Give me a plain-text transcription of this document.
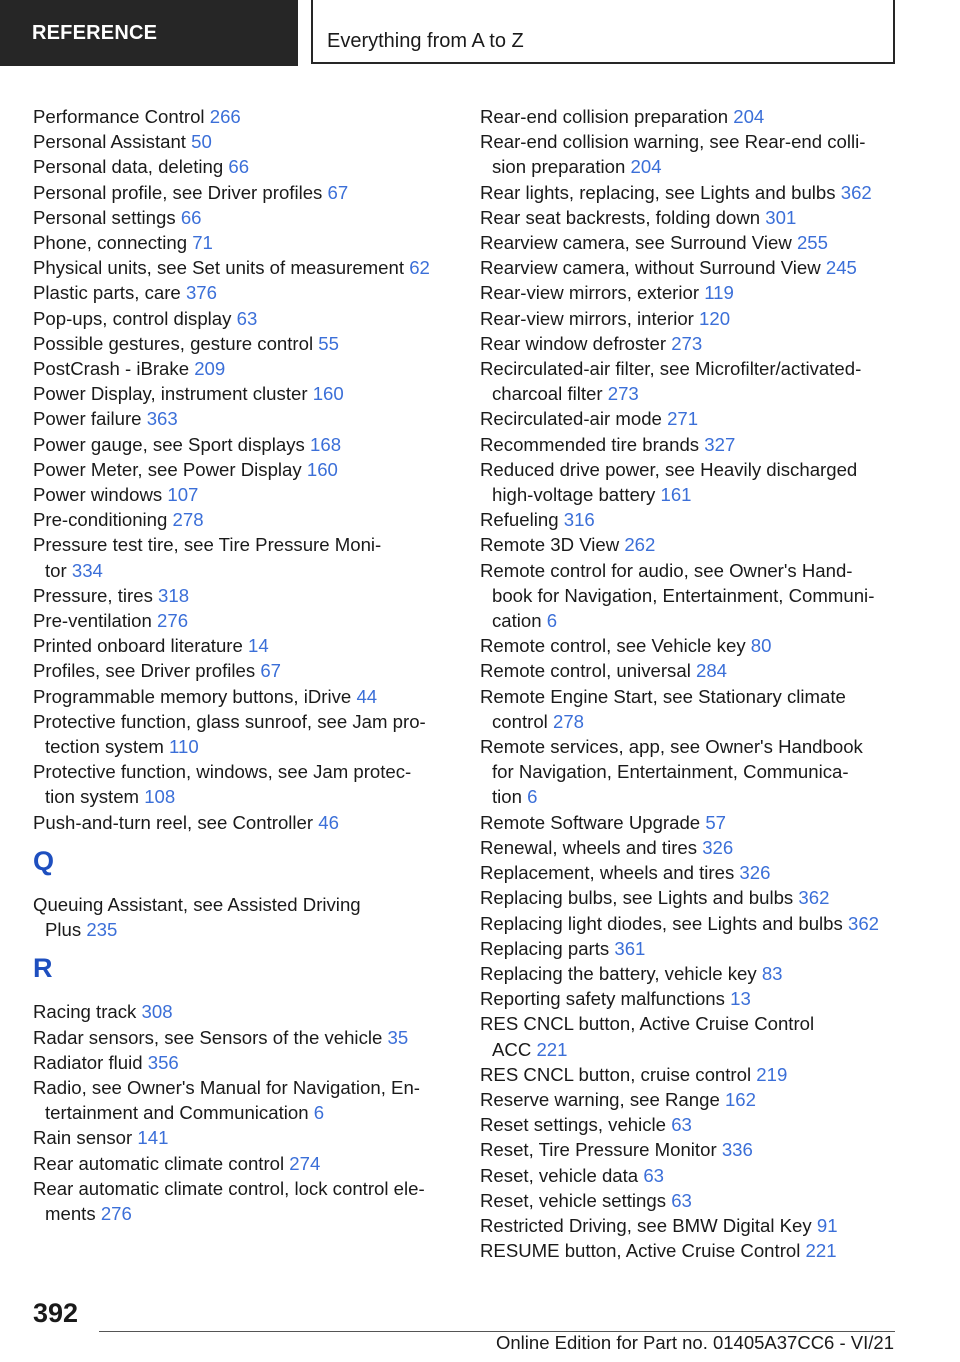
REFERENCE	Everything from A to Z
Performance Control 266
Personal Assistant 50
Personal data, deleting 66
Personal profile, see Driver profiles 67
Personal settings 66
Phone, connecting 71
Physical units, see Set units of measurement 62
Plastic parts, care 376
Pop-ups, control display 63
Possible gestures, gesture control 55
PostCrash - iBrake 209
Power Display, instrument cluster 160
Power failure 363
Power gauge, see Sport displays 168
Power Meter, see Power Display 160
Power windows 107
Pre-conditioning 278
Pressure test tire, see Tire Pressure Moni-
tor 334
Pressure, tires 318
Pre-ventilation 276
Printed onboard literature 14
Profiles, see Driver profiles 67
Programmable memory buttons, iDrive 44
Protective function, glass sunroof, see Jam pro-
tection system 110
Protective function, windows, see Jam protec-
tion system 108
Push-and-turn reel, see Controller 46
Q
Queuing Assistant, see Assisted Driving
Plus 235
R
Racing track 308
Radar sensors, see Sensors of the vehicle 35
Radiator fluid 356
Radio, see Owner's Manual for Navigation, En-
tertainment and Communication 6
Rain sensor 141
Rear automatic climate control 274
Rear automatic climate control, lock control ele-
ments 276
Rear-end collision preparation 204
Rear-end collision warning, see Rear-end colli-
sion preparation 204
Rear lights, replacing, see Lights and bulbs 362
Rear seat backrests, folding down 301
Rearview camera, see Surround View 255
Rearview camera, without Surround View 245
Rear-view mirrors, exterior 119
Rear-view mirrors, interior 120
Rear window defroster 273
Recirculated-air filter, see Microfilter/activated-
charcoal filter 273
Recirculated-air mode 271
Recommended tire brands 327
Reduced drive power, see Heavily discharged
high-voltage battery 161
Refueling 316
Remote 3D View 262
Remote control for audio, see Owner's Hand-
book for Navigation, Entertainment, Communi-
cation 6
Remote control, see Vehicle key 80
Remote control, universal 284
Remote Engine Start, see Stationary climate
control 278
Remote services, app, see Owner's Handbook
for Navigation, Entertainment, Communica-
tion 6
Remote Software Upgrade 57
Renewal, wheels and tires 326
Replacement, wheels and tires 326
Replacing bulbs, see Lights and bulbs 362
Replacing light diodes, see Lights and bulbs 362
Replacing parts 361
Replacing the battery, vehicle key 83
Reporting safety malfunctions 13
RES CNCL button, Active Cruise Control
ACC 221
RES CNCL button, cruise control 219
Reserve warning, see Range 162
Reset settings, vehicle 63
Reset, Tire Pressure Monitor 336
Reset, vehicle data 63
Reset, vehicle settings 63
Restricted Driving, see BMW Digital Key 91
RESUME button, Active Cruise Control 221
392
Online Edition for Part no. 01405A37CC6 - VI/21
